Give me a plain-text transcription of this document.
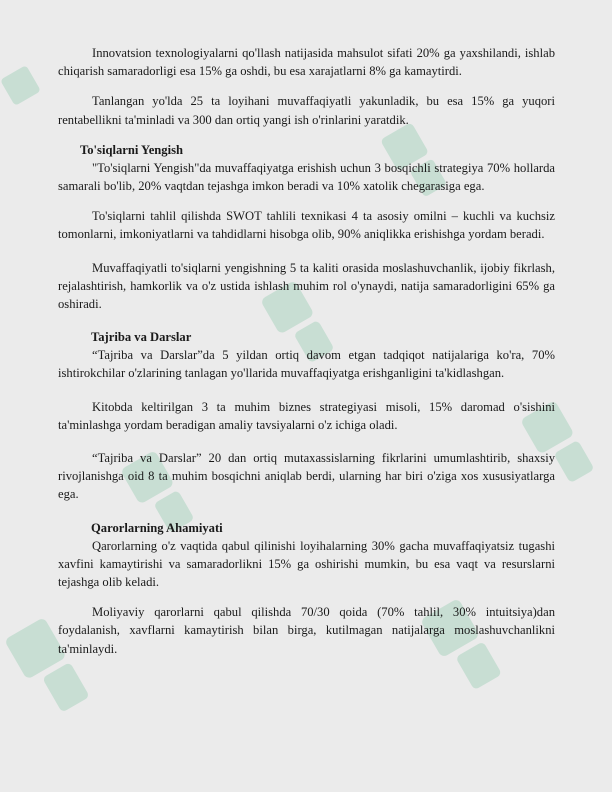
Innovatsion texnologiyalarni qo'llash natijasida mahsulot sifati 20% ga yaxshilandi, ishlab chiqarish samaradorligi esa 15% ga oshdi, bu esa xarajatlarni 8% ga kamaytirdi.

Tanlangan yo'lda 25 ta loyihani muvaffaqiyatli yakunladik, bu esa 15% ga yuqori rentabellikni ta'minladi va 300 dan ortiq yangi ish o'rinlarini yaratdik.

To'siqlarni Yengish

"To'siqlarni Yengish"da muvaffaqiyatga erishish uchun 3 bosqichli strategiya 70% hollarda samarali bo'lib, 20% vaqtdan tejashga imkon beradi va 10% xatolik chegarasiga ega.

To'siqlarni tahlil qilishda SWOT tahlili texnikasi 4 ta asosiy omilni – kuchli va kuchsiz tomonlarni, imkoniyatlarni va tahdidlarni hisobga olib, 90% aniqlikka erishishga yordam beradi.

Muvaffaqiyatli to'siqlarni yengishning 5 ta kaliti orasida moslashuvchanlik, ijobiy fikrlash, rejalashtirish, hamkorlik va o'z ustida ishlash muhim rol o'ynaydi, natija samaradorligini 65% ga oshiradi.

Tajriba va Darslar

“Tajriba va Darslar”da 5 yildan ortiq davom etgan tadqiqot natijalariga ko'ra, 70% ishtirokchilar o'zlarining tanlagan yo'llarida muvaffaqiyatga erishganligini ta'kidlashgan.

Kitobda keltirilgan 3 ta muhim biznes strategiyasi misoli, 15% daromad o'sishini ta'minlashga yordam beradigan amaliy tavsiyalarni o'z ichiga oladi.

“Tajriba va Darslar” 20 dan ortiq mutaxassislarning fikrlarini umumlashtirib, shaxsiy rivojlanishga oid 8 ta muhim bosqichni aniqlab berdi, ularning har biri o'ziga xos xususiyatlarga ega.

Qarorlarning Ahamiyati

Qarorlarning o'z vaqtida qabul qilinishi loyihalarning 30% gacha muvaffaqiyatsiz tugashi xavfini kamaytirishi va samaradorlikni 15% ga oshirishi mumkin, bu esa vaqt va resurslarni tejashga olib keladi.

Moliyaviy qarorlarni qabul qilishda 70/30 qoida (70% tahlil, 30% intuitsiya)dan foydalanish, xavflarni kamaytirish bilan birga, kutilmagan natijalarga moslashuvchanlikni ta'minlaydi.
